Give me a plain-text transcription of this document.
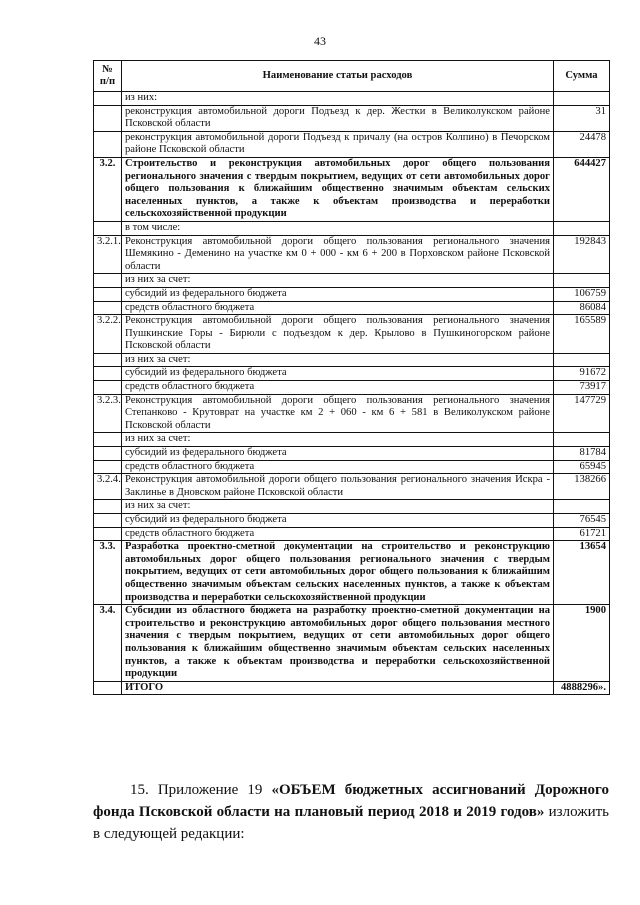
43
№ п/п	Наименование статьи расходов	Сумма
	из них:	
	реконструкция автомобильной дороги Подъезд к дер. Жестки в Великолукском районе Псковской области	31
	реконструкция автомобильной дороги Подъезд к причалу (на остров Колпино) в Печорском районе Псковской области	24478
3.2.	Строительство и реконструкция автомобильных дорог общего пользования регионального значения с твердым покрытием, ведущих от сети автомобильных дорог общего пользования к ближайшим общественно значимым объектам сельских населенных пунктов, а также к объектам производства и переработки сельскохозяйственной продукции	644427
	в том числе:	
3.2.1.	Реконструкция автомобильной дороги общего пользования регионального значения Шемякино - Деменино на участке км 0 + 000 - км 6 + 200 в Порховском районе Псковской области	192843
	из них за счет:	
	субсидий из федерального бюджета	106759
	средств областного бюджета	86084
3.2.2.	Реконструкция автомобильной дороги общего пользования регионального значения Пушкинские Горы - Бирюли с подъездом к дер. Крылово в Пушкиногорском районе Псковской области	165589
	из них за счет:	
	субсидий из федерального бюджета	91672
	средств областного бюджета	73917
3.2.3.	Реконструкция автомобильной дороги общего пользования регионального значения Степанково - Крутоврат на участке км 2 + 060 - км 6 + 581 в Великолукском районе Псковской области	147729
	из них за счет:	
	субсидий из федерального бюджета	81784
	средств областного бюджета	65945
3.2.4.	Реконструкция автомобильной дороги общего пользования регионального значения Искра - Заклинье в Дновском районе Псковской области	138266
	из них за счет:	
	субсидий из федерального бюджета	76545
	средств областного бюджета	61721
3.3.	Разработка проектно-сметной документации на строительство и реконструкцию автомобильных дорог общего пользования регионального значения с твердым покрытием, ведущих от сети автомобильных дорог общего пользования к ближайшим общественно значимым объектам сельских населенных пунктов, а также к объектам производства и переработки сельскохозяйственной продукции	13654
3.4.	Субсидии из областного бюджета на разработку проектно-сметной документации на строительство и реконструкцию автомобильных дорог общего пользования местного значения с твердым покрытием, ведущих от сети автомобильных дорог общего пользования к ближайшим общественно значимым объектам сельских населенных пунктов, а также к объектам производства и переработки сельскохозяйственной продукции	1900
	ИТОГО	4888296».

15. Приложение 19 «ОБЪЕМ бюджетных ассигнований Дорожного фонда Псковской области на плановый период 2018 и 2019 годов» изложить в следующей редакции:
